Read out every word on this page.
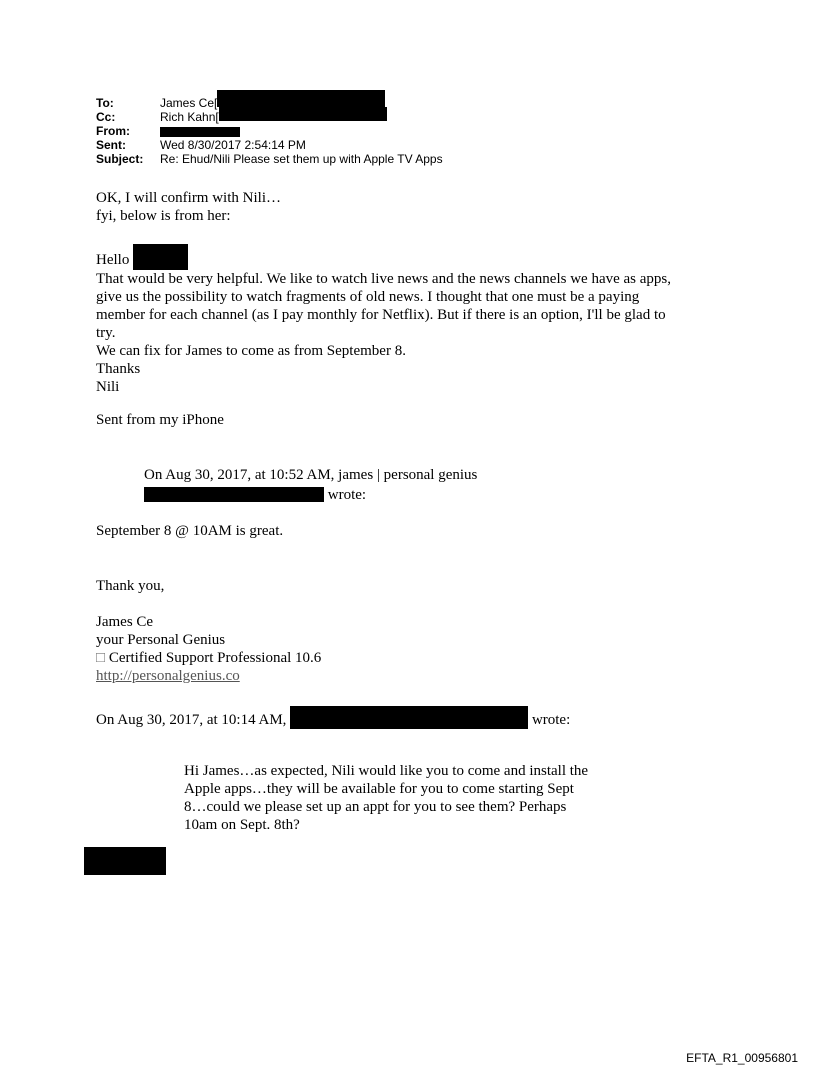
To:	James Ce[
Cc:	Rich Kahn[
From:
Sent:	Wed 8/30/2017 2:54:14 PM
Subject:	Re: Ehud/Nili Please set them up with Apple TV Apps

OK, I will confirm with Nili…

fyi, below is from her:

Hello

That would be very helpful. We like to watch live news and the news channels we have as apps,

give us the possibility to watch fragments of old news. I thought that one must be a paying

member for each channel (as I pay monthly for Netflix). But if there is an option, I'll be glad to

try.

We can fix for James to come as from September 8.

Thanks

Nili

Sent from my iPhone

On Aug 30, 2017, at 10:52 AM, james | personal genius

wrote:

September 8 @ 10AM is great.
Thank you,

James Ce

your Personal Genius

□ Certified Support Professional 10.6

http://personalgenius.co

On Aug 30, 2017, at 10:14 AM,	wrote:

Hi James…as expected, Nili would like you to come and install the

Apple apps…they will be available for you to come starting Sept

8…could we please set up an appt for you to see them? Perhaps

10am on Sept. 8th?

EFTA_R1_00956801
